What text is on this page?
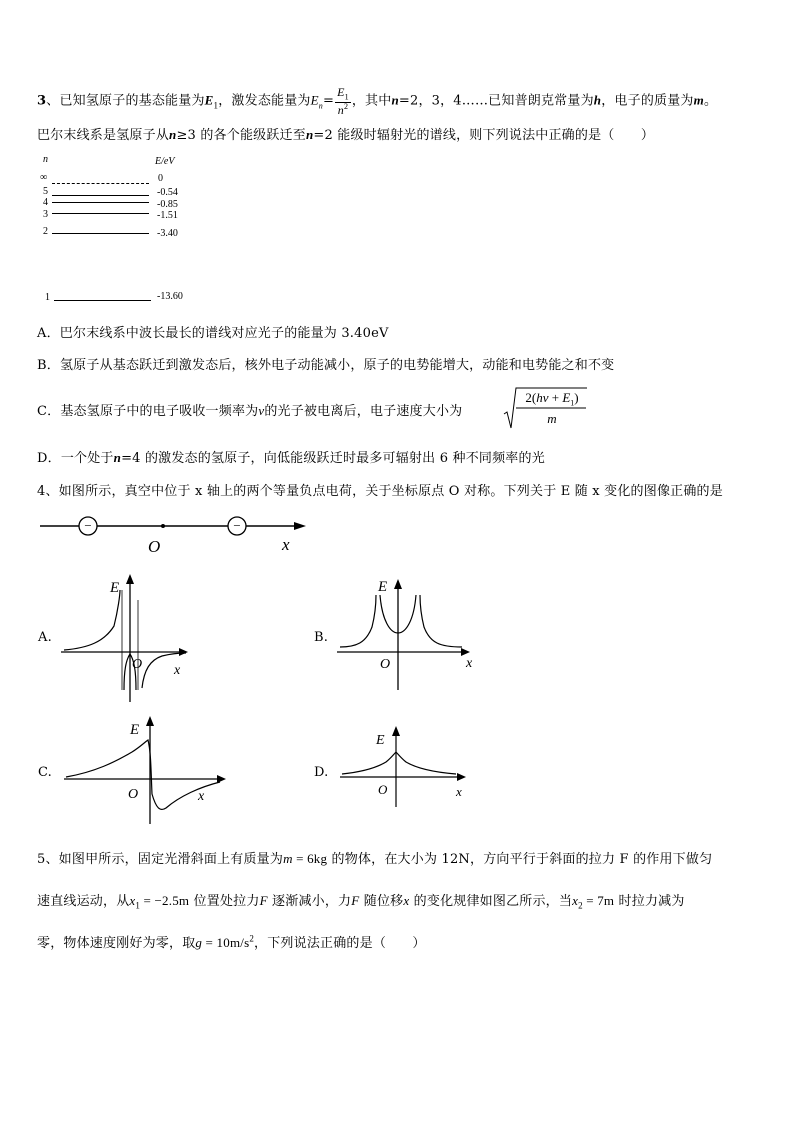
3、已知氢原子的基态能量为$E_1$，激发态能量为$E_n= \frac{E_1}{n^2}$ ，其中n=2，3，4……已知普朗克常量为h，电子的质量为m。
巴尔末线系是氢原子从n≥3 的各个能级跃迁至n=2 能级时辐射光的谱线，则下列说法中正确的是（　　）
n	E/eV
∞	0
5	-0.54
4	-0.85
3	-1.51
2	-3.40
1	-13.60
A．巴尔末线系中波长最长的谱线对应光子的能量为 3.40eV
B．氢原子从基态跃迁到激发态后，核外电子动能减小，原子的电势能增大，动能和电势能之和不变
C．基态氢原子中的电子吸收一频率为ν的光子被电离后，电子速度大小为
$2(h\nu + E_1)$
m
D．一个处于n=4 的激发态的氢原子，向低能级跃迁时最多可辐射出 6 种不同频率的光
4、如图所示，真空中位于 x 轴上的两个等量负点电荷，关于坐标原点 O 对称。下列关于 E 随 x 变化的图像正确的是
−	−
O	x
A.
E
O x
B.
E
O	x
C.
E
O	x
D.
E
O	x
5、如图甲所示，固定光滑斜面上有质量为m = 6kg 的物体，在大小为 12N，方向平行于斜面的拉力 F 的作用下做匀
速直线运动，从$x_1 = -2.5m$ 位置处拉力F 逐渐减小，力F 随位移x 的变化规律如图乙所示，当$x_2 = 7m$ 时拉力减为
零，物体速度刚好为零，取$g = 10m/s^2$，下列说法正确的是（　　）
